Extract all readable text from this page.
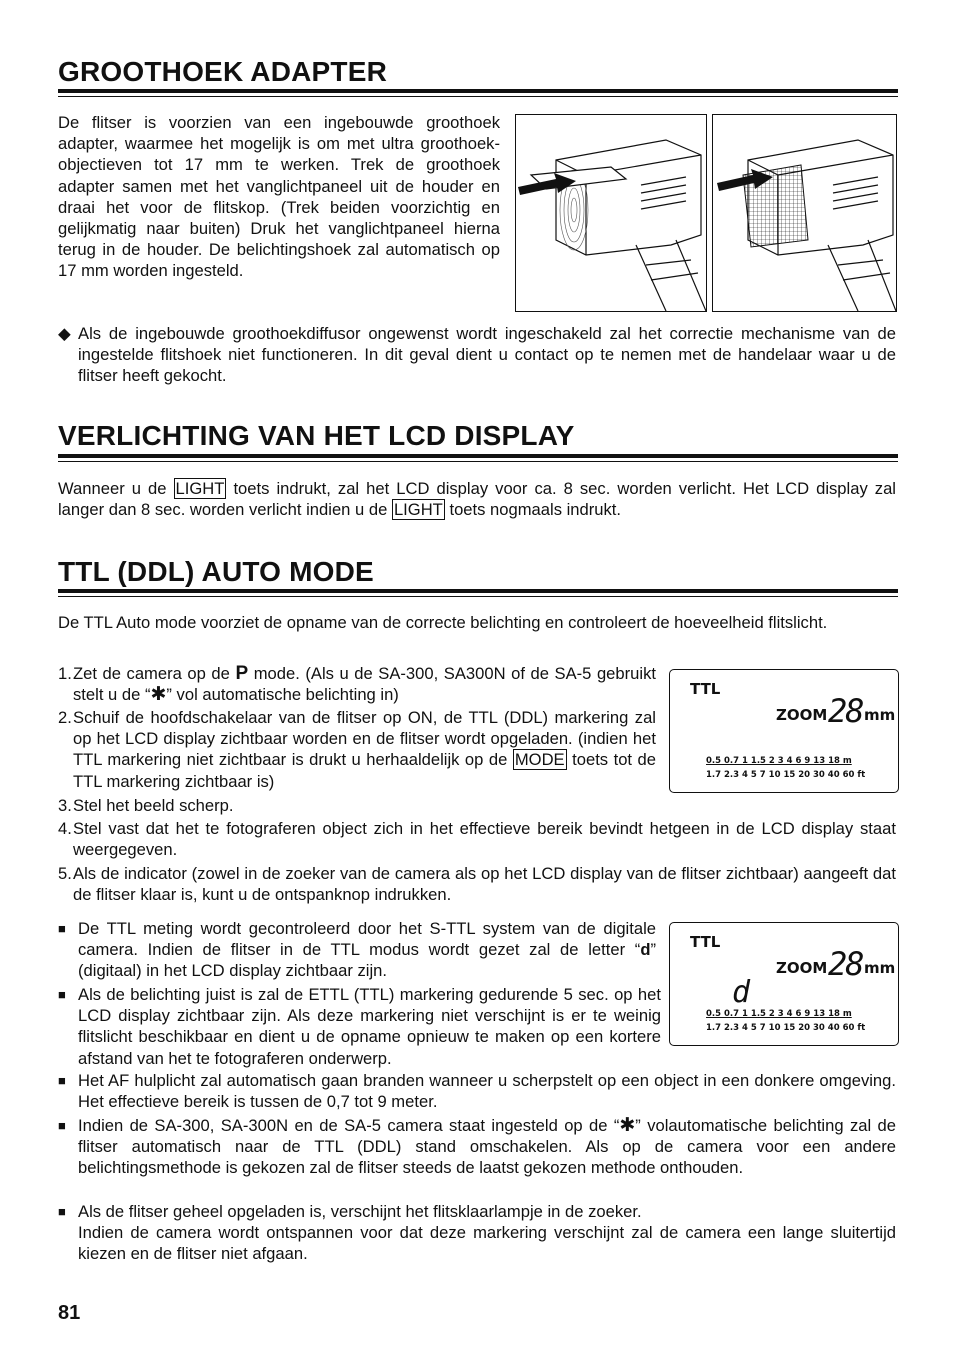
GROOTHOEK ADAPTER
De flitser is voorzien van een ingebouwde groothoek adapter, waarmee het mogelijk is om met ultra groothoek-objectieven tot 17 mm te werken. Trek de groothoek adapter samen met het vanglichtpaneel uit de houder en draai het voor de flitskop. (Trek beiden voorzichtig en gelijkmatig naar buiten) Druk het vanglichtpaneel hierna terug in de houder. De belichtingshoek zal automatisch op 17 mm worden ingesteld.
◆ Als de ingebouwde groothoekdiffusor ongewenst wordt ingeschakeld zal het correctie mechanisme van de ingestelde flitshoek niet functioneren. In dit geval dient u contact op te nemen met de handelaar waar u de flitser heeft gekocht.
VERLICHTING VAN HET LCD DISPLAY
Wanneer u de LIGHT toets indrukt, zal het LCD display voor ca. 8 sec. worden verlicht. Het LCD display zal langer dan 8 sec. worden verlicht indien u de LIGHT toets nogmaals indrukt.
TTL (DDL) AUTO MODE
De TTL Auto mode voorziet de opname van de correcte belichting en controleert de hoeveelheid flitslicht.
TTL
ZOOM 28 mm
0.5 0.7 1 1.5 2 3 4 6 9 13 18 m
1.7 2.3 4 5 7 10 15 20 30 40 60 ft
1. Zet de camera op de P mode. (Als u de SA-300, SA300N of de SA-5 gebruikt stelt u de “✱” vol automatische belichting in)
2. Schuif de hoofdschakelaar van de flitser op ON, de TTL (DDL) markering zal op het LCD display zichtbaar worden en de flitser wordt opgeladen. (indien het TTL markering niet zichtbaar is drukt u herhaaldelijk op de MODE toets tot de TTL markering zichtbaar is)
3. Stel het beeld scherp.
4. Stel vast dat het te fotograferen object zich in het effectieve bereik bevindt hetgeen in de LCD display staat weergegeven.
5. Als de indicator (zowel in de zoeker van de camera als op het LCD display van de flitser zichtbaar) aangeeft dat de flitser klaar is, kunt u de ontspanknop indrukken.
TTL
ZOOM 28 mm
d
0.5 0.7 1 1.5 2 3 4 6 9 13 18 m
1.7 2.3 4 5 7 10 15 20 30 40 60 ft
■ De TTL meting wordt gecontroleerd door het S-TTL system van de digitale camera. Indien de flitser in de TTL modus wordt gezet zal de letter “d” (digitaal) in het LCD display zichtbaar zijn.
■ Als de belichting juist is zal de ETTL (TTL) markering gedurende 5 sec. op het LCD display zichtbaar zijn. Als deze markering niet verschijnt is er te weinig flitslicht beschikbaar en dient u de opname opnieuw te maken op een kortere afstand van het te fotograferen onderwerp.
■ Het AF hulplicht zal automatisch gaan branden wanneer u scherpstelt op een object in een donkere omgeving. Het effectieve bereik is tussen de 0,7 tot 9 meter.
■ Indien de SA-300, SA-300N en de SA-5 camera staat ingesteld op de “✱” volautomatische belichting zal de flitser automatisch naar de TTL (DDL) stand omschakelen. Als op de camera voor een andere belichtingsmethode is gekozen zal de flitser steeds de laatst gekozen methode onthouden.
■ Als de flitser geheel opgeladen is, verschijnt het flitsklaarlampje in de zoeker.
Indien de camera wordt ontspannen voor dat deze markering verschijnt zal de camera een lange sluitertijd kiezen en de flitser niet afgaan.
81
